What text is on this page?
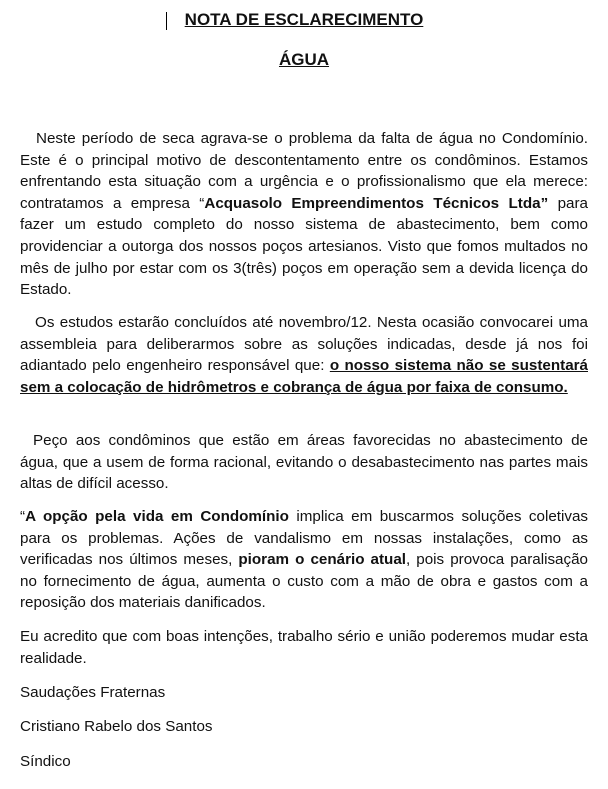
NOTA DE ESCLARECIMENTO
ÁGUA

Neste período de seca agrava-se o problema da falta de água no Condomínio. Este é o principal motivo de descontentamento entre os condôminos. Estamos enfrentando esta situação com a urgência e o profissionalismo que ela merece: contratamos a empresa “Acquasolo Empreendimentos Técnicos Ltda” para fazer um estudo completo do nosso sistema de abastecimento, bem como providenciar a outorga dos nossos poços artesianos. Visto que fomos multados no mês de julho por estar com os 3(três) poços em operação sem a devida licença do Estado.

Os estudos estarão concluídos até novembro/12. Nesta ocasião convocarei uma assembleia para deliberarmos sobre as soluções indicadas, desde já nos foi adiantado pelo engenheiro responsável que: o nosso sistema não se sustentará sem a colocação de hidrômetros e cobrança de água por faixa de consumo.

Peço aos condôminos que estão em áreas favorecidas no abastecimento de água, que a usem de forma racional, evitando o desabastecimento nas partes mais altas de difícil acesso.

“A opção pela vida em Condomínio implica em buscarmos soluções coletivas para os problemas. Ações de vandalismo em nossas instalações, como as verificadas nos últimos meses, pioram o cenário atual, pois provoca paralisação no fornecimento de água, aumenta o custo com a mão de obra e gastos com a reposição dos materiais danificados.

Eu acredito que com boas intenções, trabalho sério e união poderemos mudar esta realidade.

Saudações Fraternas

Cristiano Rabelo dos Santos

Síndico
